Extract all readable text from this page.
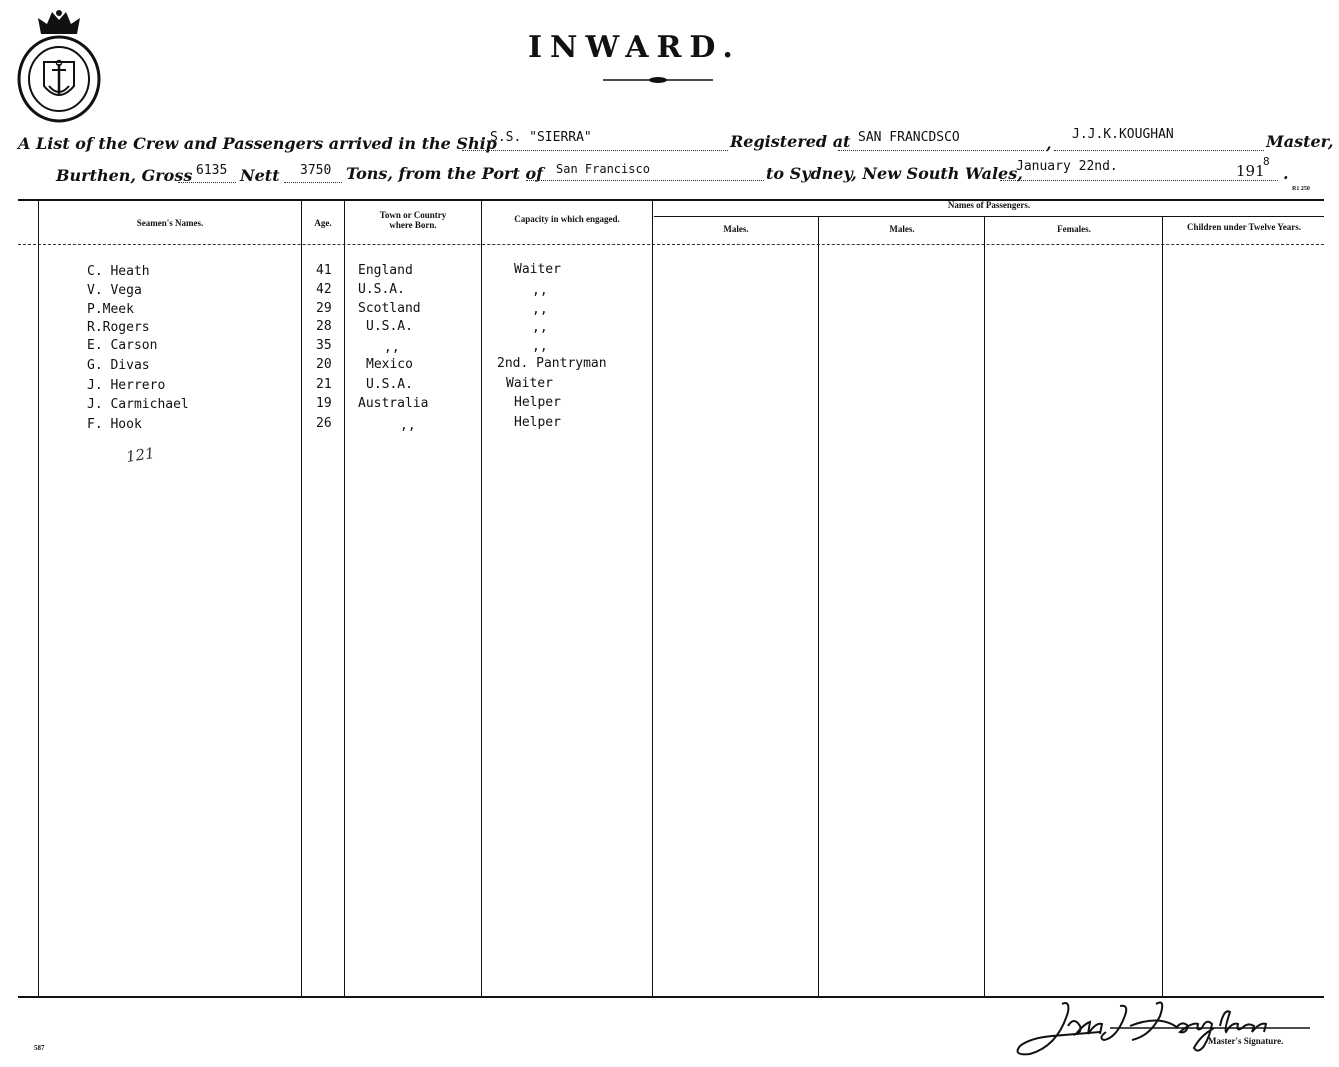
INWARD.
A List of the Crew and Passengers arrived in the Ship
S.S. "SIERRA"	Registered at SAN FRANCDSCO	, J.J.K.KOUGHAN	Master,
Burthen, Gross 6135 Nett 3750 Tons, from the Port of San Francisco	to Sydney, New South Wales,
January 22nd.	191
8
.
R1 250
Seamen's Names.	Age.
Town or Country where Born.
Capacity in which engaged.
Names of Passengers.
Males.	Males.	Females.	Children under Twelve Years.
C. Heath	41 England	Waiter
V. Vega	42 U.S.A.	,,
P.Meek	29 Scotland	,,
R.Rogers	28	U.S.A.	,,
E. Carson	35	,,	,,
G. Divas	20	Mexico	2nd. Pantryman
J. Herrero	21	U.S.A.	Waiter
J. Carmichael	19 Australia	Helper
F. Hook	26	,,	Helper
121
587
Master's Signature.
